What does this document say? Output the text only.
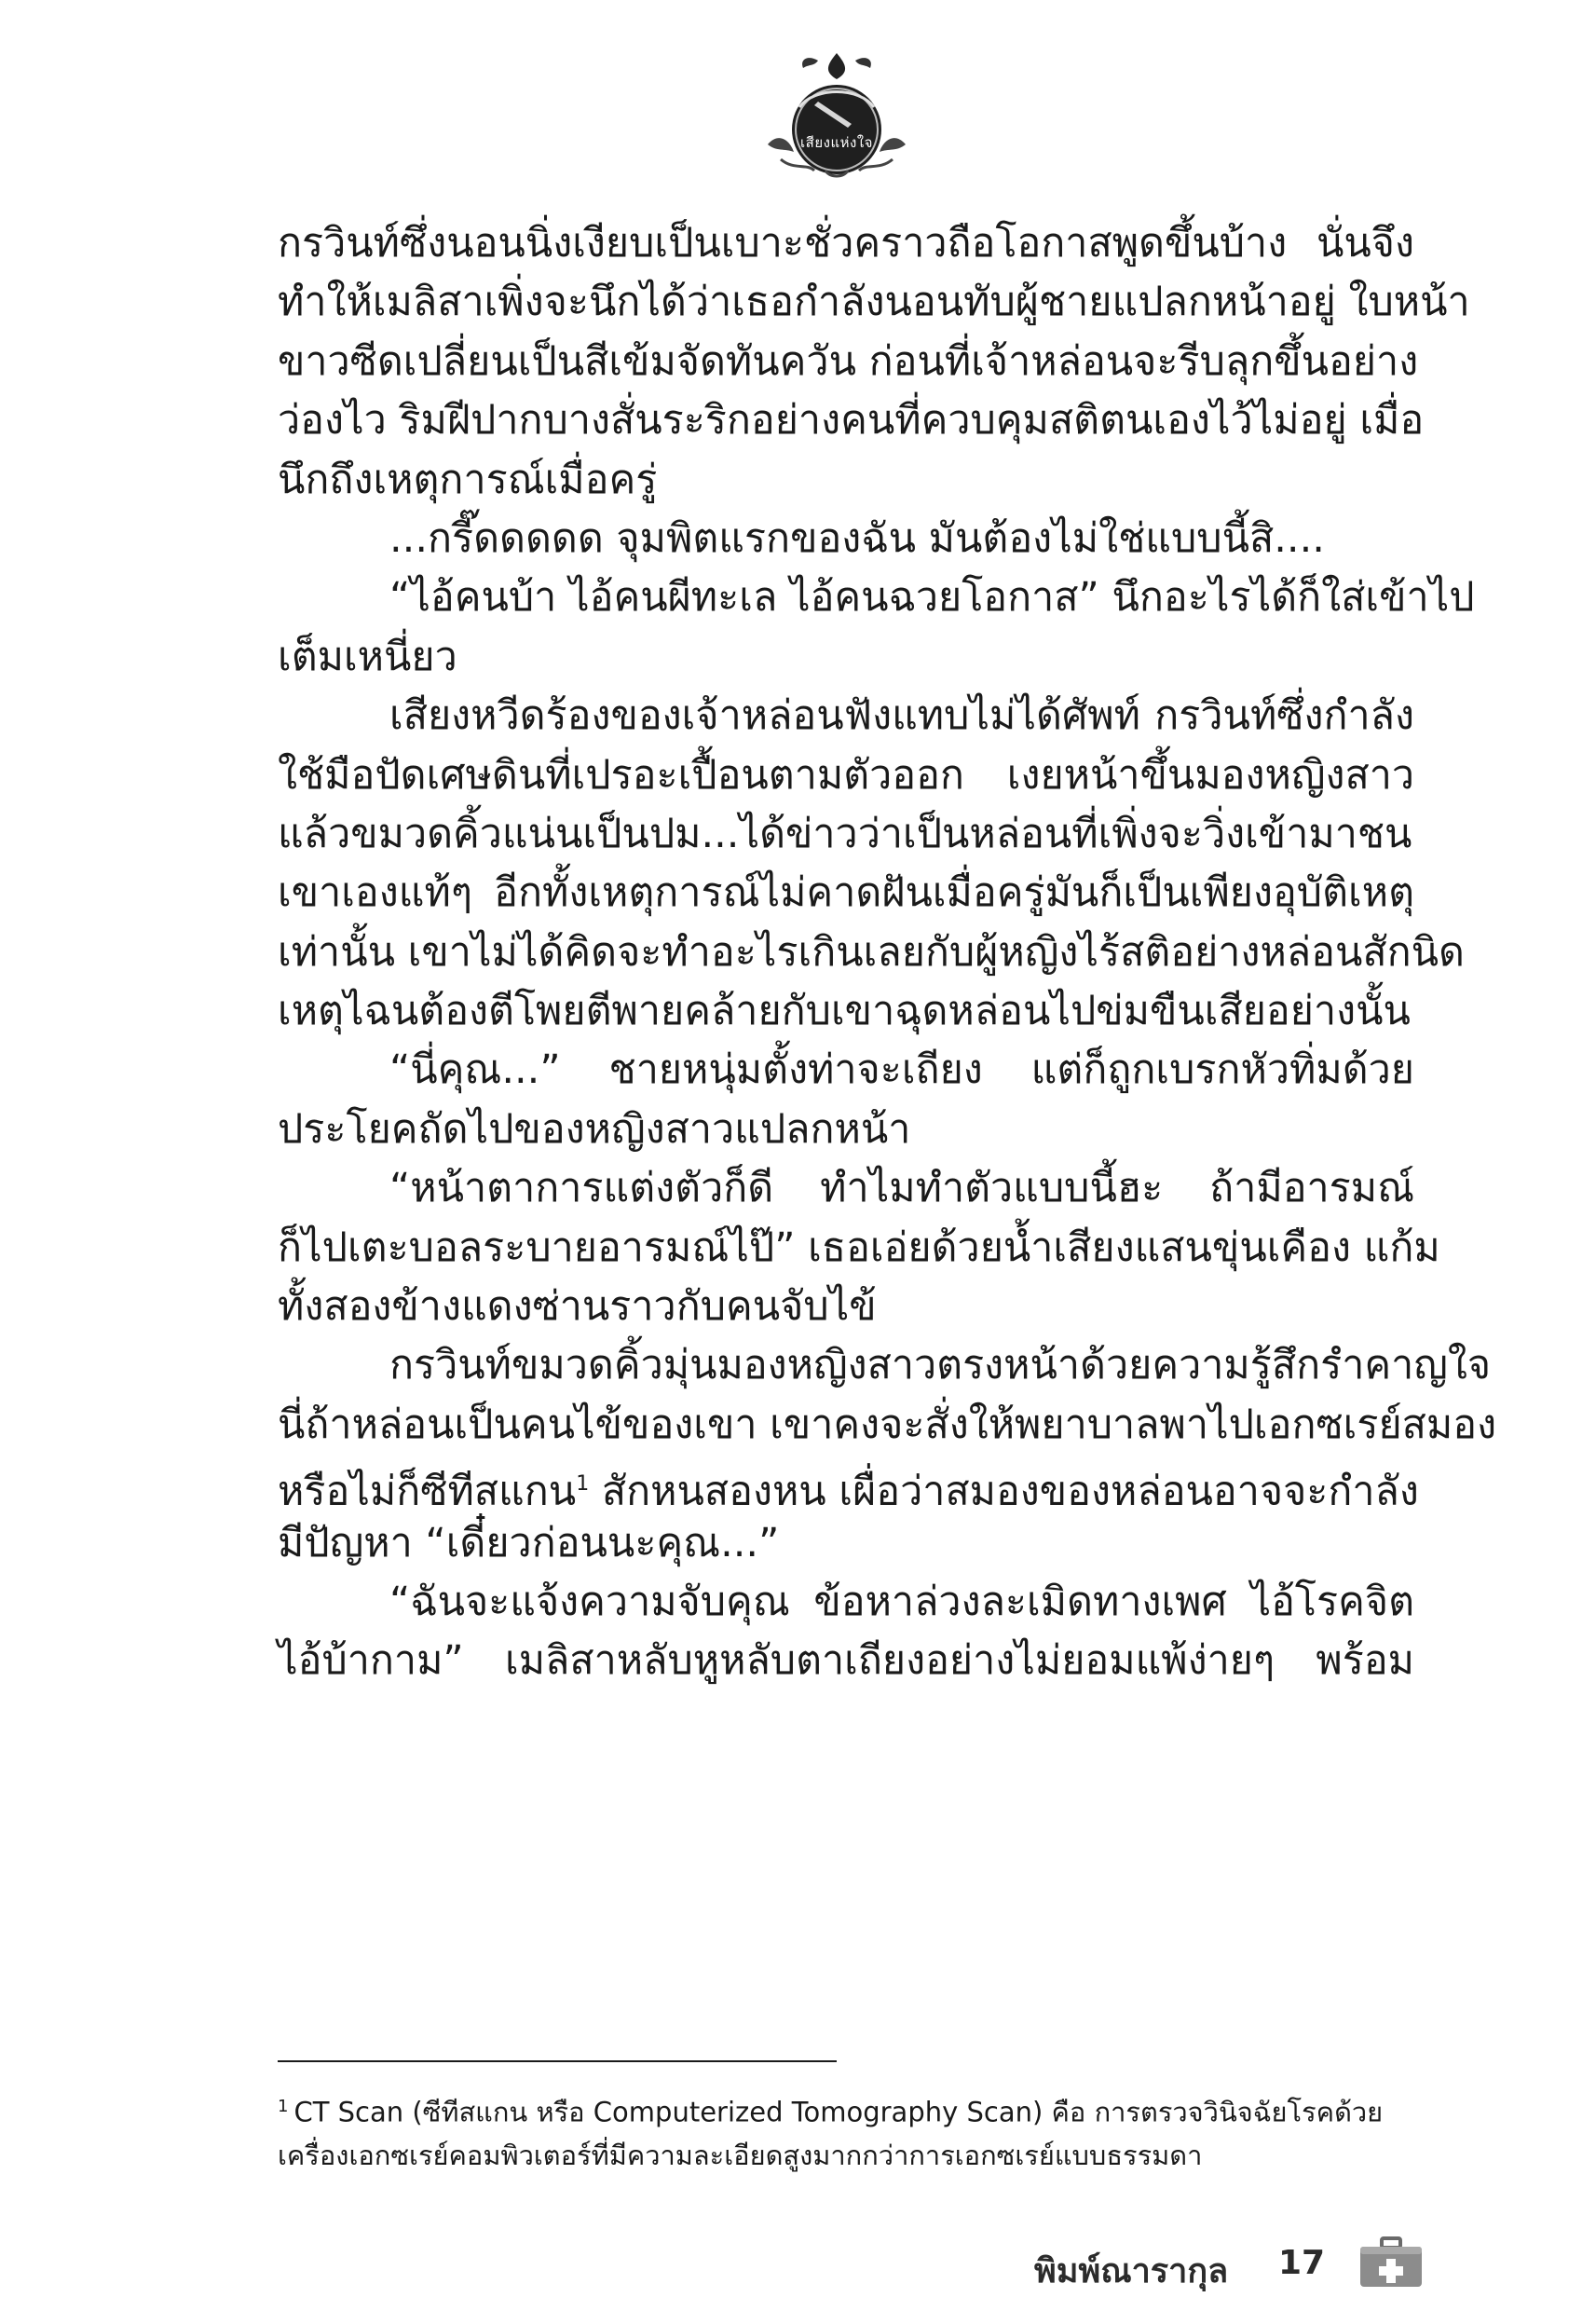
เสียงแห่งใจ
กรวินท์ซึ่งนอนนิ่งเงียบเป็นเบาะชั่วคราวถือโอกาสพูดขึ้นบ้าง นั่นจึง
ทำให้เมลิสาเพิ่งจะนึกได้ว่าเธอกำลังนอนทับผู้ชายแปลกหน้าอยู่ ใบหน้า
ขาวซีดเปลี่ยนเป็นสีเข้มจัดทันควัน ก่อนที่เจ้าหล่อนจะรีบลุกขึ้นอย่าง
ว่องไว ริมฝีปากบางสั่นระริกอย่างคนที่ควบคุมสติตนเองไว้ไม่อยู่ เมื่อ
นึกถึงเหตุการณ์เมื่อครู่
...กรี๊ดดดดด จุมพิตแรกของฉัน มันต้องไม่ใช่แบบนี้สิ....
“ไอ้คนบ้า ไอ้คนผีทะเล ไอ้คนฉวยโอกาส” นึกอะไรได้ก็ใส่เข้าไป
เต็มเหนี่ยว
เสียงหวีดร้องของเจ้าหล่อนฟังแทบไม่ได้ศัพท์ กรวินท์ซึ่งกำลัง
ใช้มือปัดเศษดินที่เปรอะเปื้อนตามตัวออก เงยหน้าขึ้นมองหญิงสาว
แล้วขมวดคิ้วแน่นเป็นปม...ได้ข่าวว่าเป็นหล่อนที่เพิ่งจะวิ่งเข้ามาชน
เขาเองแท้ๆ อีกทั้งเหตุการณ์ไม่คาดฝันเมื่อครู่มันก็เป็นเพียงอุบัติเหตุ
เท่านั้น เขาไม่ได้คิดจะทำอะไรเกินเลยกับผู้หญิงไร้สติอย่างหล่อนสักนิด
เหตุไฉนต้องตีโพยตีพายคล้ายกับเขาฉุดหล่อนไปข่มขืนเสียอย่างนั้น
“นี่คุณ...” ชายหนุ่มตั้งท่าจะเถียง แต่ก็ถูกเบรกหัวทิ่มด้วย
ประโยคถัดไปของหญิงสาวแปลกหน้า
“หน้าตาการแต่งตัวก็ดี ทำไมทำตัวแบบนี้ฮะ ถ้ามีอารมณ์
ก็ไปเตะบอลระบายอารมณ์ไป๊” เธอเอ่ยด้วยน้ำเสียงแสนขุ่นเคือง แก้ม
ทั้งสองข้างแดงซ่านราวกับคนจับไข้
กรวินท์ขมวดคิ้วมุ่นมองหญิงสาวตรงหน้าด้วยความรู้สึกรำคาญใจ
นี่ถ้าหล่อนเป็นคนไข้ของเขา เขาคงจะสั่งให้พยาบาลพาไปเอกซเรย์สมอง
หรือไม่ก็ซีทีสแกน$^1$ สักหนสองหน เผื่อว่าสมองของหล่อนอาจจะกำลัง
มีปัญหา “เดี๋ยวก่อนนะคุณ...”
“ฉันจะแจ้งความจับคุณ ข้อหาล่วงละเมิดทางเพศ ไอ้โรคจิต
ไอ้บ้ากาม” เมลิสาหลับหูหลับตาเถียงอย่างไม่ยอมแพ้ง่ายๆ พร้อม
$^1$ CT Scan (ซีทีสแกน หรือ Computerized Tomography Scan) คือ การตรวจวินิจฉัยโรคด้วย
เครื่องเอกซเรย์คอมพิวเตอร์ที่มีความละเอียดสูงมากกว่าการเอกซเรย์แบบธรรมดา
พิมพ์ณารากุล 17
